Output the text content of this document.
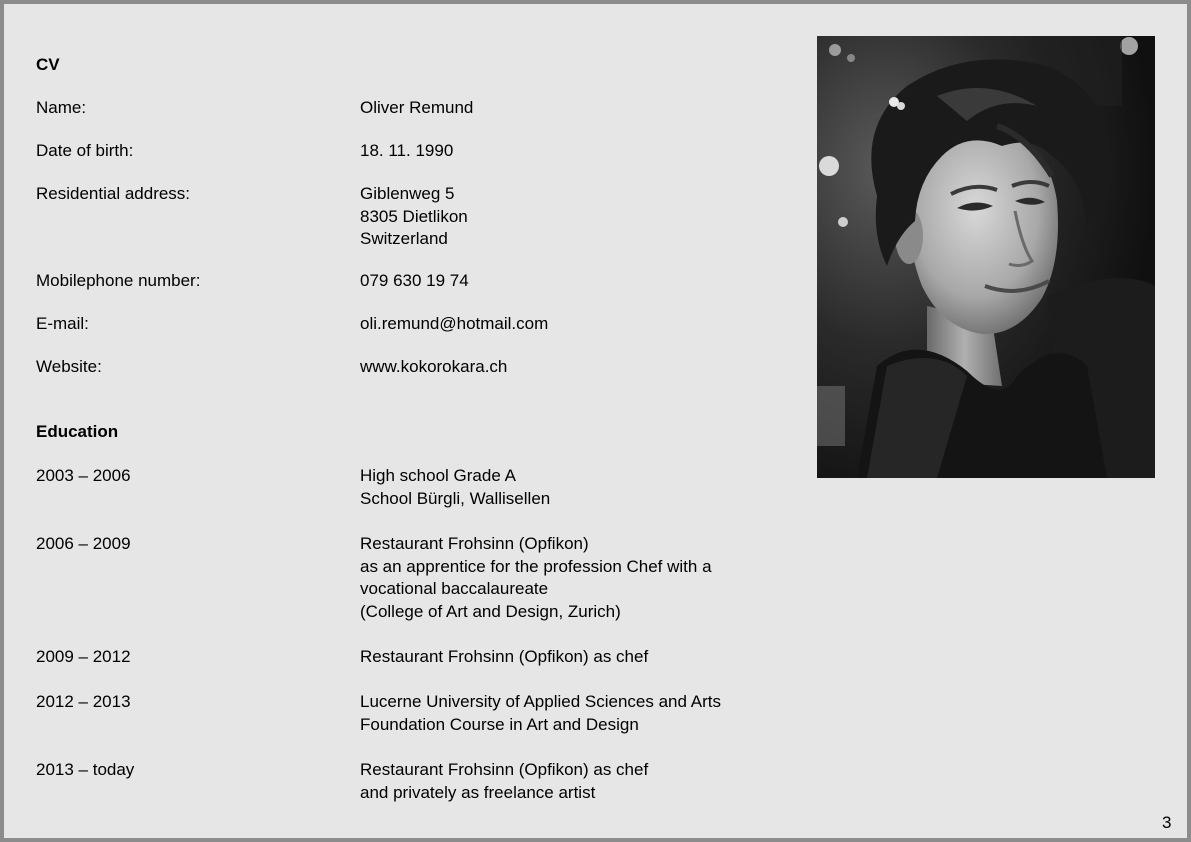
CV
Name:	Oliver Remund
Date of birth:	18. 11. 1990
Residential address:	Giblenweg 5
8305 Dietlikon
Switzerland
Mobilephone number:	079 630 19 74
E-mail:	oli.remund@hotmail.com
Website:	www.kokorokara.ch
Education
2003 – 2006	High school Grade A
School Bürgli, Wallisellen
2006 – 2009	Restaurant Frohsinn (Opfikon)
as an apprentice for the profession Chef with a
vocational baccalaureate
(College of Art and Design, Zurich)
2009 – 2012	Restaurant Frohsinn (Opfikon) as chef
2012 – 2013	Lucerne University of Applied Sciences and Arts
Foundation Course in Art and Design
2013 – today	Restaurant Frohsinn (Opfikon) as chef
and privately as freelance artist
3
